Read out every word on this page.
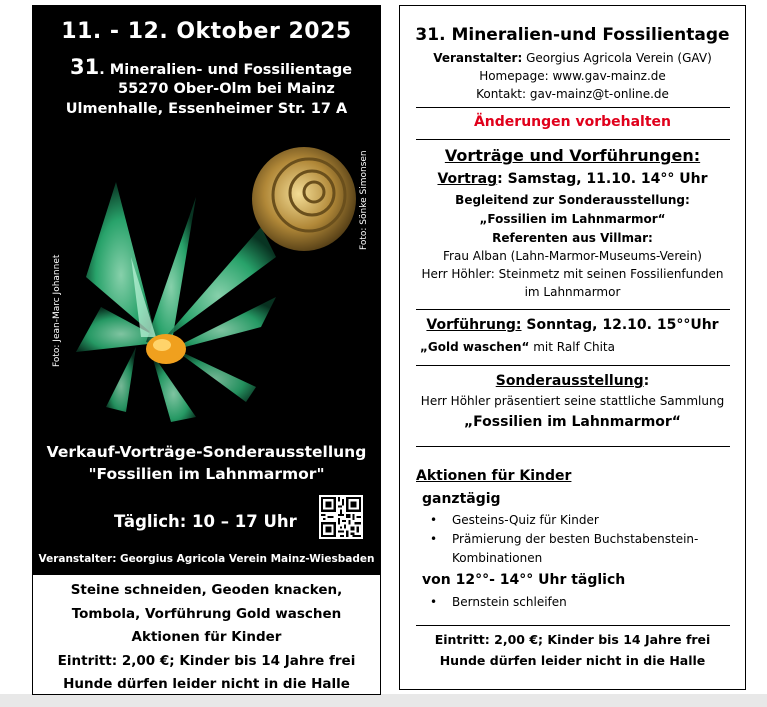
11. - 12. Oktober 2025
31. Mineralien- und Fossilientage
55270 Ober-Olm bei Mainz
Ulmenhalle, Essenheimer Str. 17 A
Foto: Jean-Marc Johannet
Foto: Sönke Simonsen
Verkauf-Vorträge-Sonderausstellung
"Fossilien im Lahnmarmor"
Täglich: 10 – 17 Uhr
Veranstalter: Georgius Agricola Verein Mainz-Wiesbaden
Steine schneiden, Geoden knacken,
Tombola, Vorführung Gold waschen
Aktionen für Kinder
Eintritt: 2,00 €; Kinder bis 14 Jahre frei
Hunde dürfen leider nicht in die Halle
31. Mineralien-und Fossilientage
Veranstalter: Georgius Agricola Verein (GAV)
Homepage: www.gav-mainz.de
Kontakt: gav-mainz@t-online.de
Änderungen vorbehalten
Vorträge und Vorführungen:
Vortrag: Samstag, 11.10. 14°° Uhr
Begleitend zur Sonderausstellung:
„Fossilien im Lahnmarmor“
Referenten aus Villmar:
Frau Alban (Lahn-Marmor-Museums-Verein)
Herr Höhler: Steinmetz mit seinen Fossilienfunden
im Lahnmarmor
Vorführung: Sonntag, 12.10. 15°°Uhr
„Gold waschen“ mit Ralf Chita
Sonderausstellung:
Herr Höhler präsentiert seine stattliche Sammlung
„Fossilien im Lahnmarmor“
Aktionen für Kinder
ganztägig
• Gesteins-Quiz für Kinder
• Prämierung der besten Buchstabenstein-
Kombinationen
von 12°°- 14°° Uhr täglich
• Bernstein schleifen
Eintritt: 2,00 €; Kinder bis 14 Jahre frei
Hunde dürfen leider nicht in die Halle
